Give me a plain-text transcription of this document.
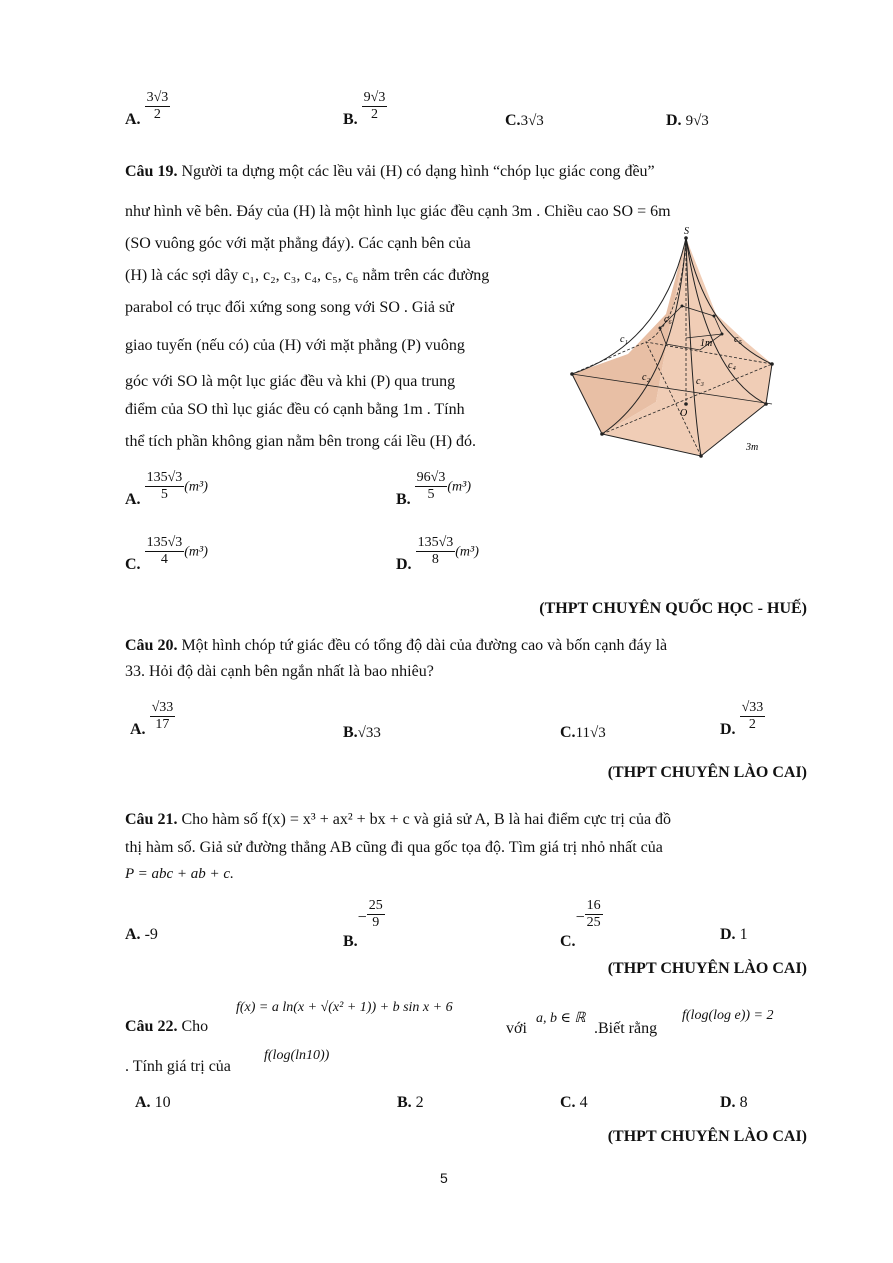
A. $\frac{3√3}{2}$	B. $\frac{9√3}{2}$	C.3√3	D. 9√3
Câu 19. Người ta dựng một các lều vải (H) có dạng hình “chóp lục giác cong đều”
như hình vẽ bên. Đáy của (H) là một hình lục giác đều cạnh 3m . Chiều cao SO = 6m
(SO vuông góc với mặt phẳng đáy). Các cạnh bên của
(H) là các sợi dây c₁, c₂, c₃, c₄, c₅, c₆ nằm trên các đường
parabol có trục đối xứng song song với SO . Giả sử
giao tuyến (nếu có) của (H) với mặt phẳng (P) vuông
góc với SO là một lục giác đều và khi (P) qua trung
điểm của SO thì lục giác đều có cạnh bằng 1m . Tính
thể tích phần không gian nằm bên trong cái lều (H) đó.
S
O
c₁
c₂	c₃
c₄
c₅
c₆
1m
3m
A. $\frac{135√3}{5} (m^3)$
B. $\frac{96√3}{5} (m^3)$
C. $\frac{135√3}{4} (m^3)$
D. $\frac{135√3}{8} (m^3)$
(THPT CHUYÊN QUỐC HỌC - HUẾ)
Câu 20. Một hình chóp tứ giác đều có tổng độ dài của đường cao và bốn cạnh đáy là
33. Hỏi độ dài cạnh bên ngắn nhất là bao nhiêu?
A. $\frac{√33}{17}$	B.√33	C.11√3	D. $\frac{√33}{2}$
(THPT CHUYÊN LÀO CAI)
Câu 21. Cho hàm số f(x) = x³ + ax² + bx + c và giả sử A, B là hai điểm cực trị của đồ
thị hàm số. Giả sử đường thẳng AB cũng đi qua gốc tọa độ. Tìm giá trị nhỏ nhất của
P = abc + ab + c.
A. -9	$B.- \frac{25}{9}$
$C.- \frac{16}{25}$
D. 1
(THPT CHUYÊN LÀO CAI)
Câu 22. Cho
f(x) = a ln(x + √(x² + 1)) + b sin x + 6
với
a, b ∈ ℝ
.Biết rằng
f(log(log e)) = 2
. Tính giá trị của
f(log(ln10))
A. 10	B. 2	C. 4	D. 8
(THPT CHUYÊN LÀO CAI)
5
